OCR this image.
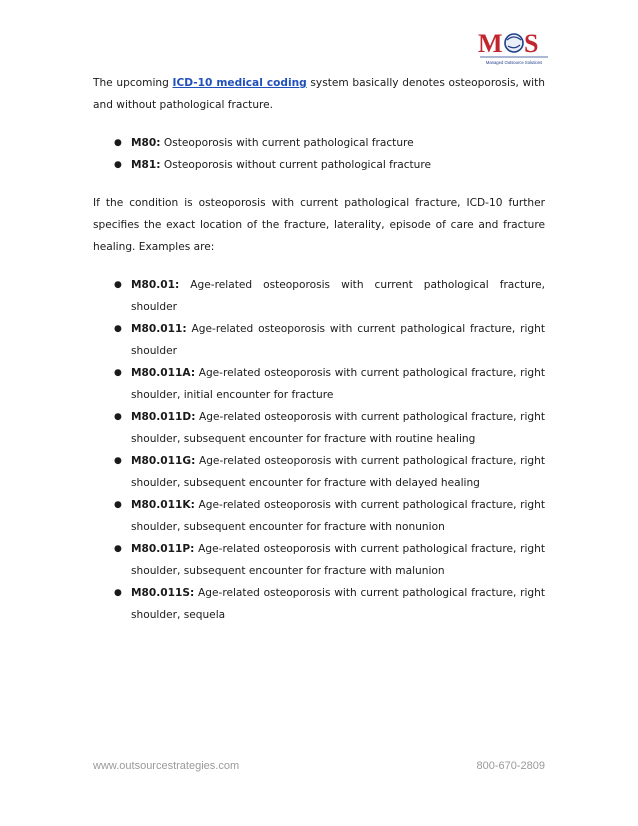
M S
Managed Outsource Solutions

The upcoming ICD-10 medical coding system basically denotes osteoporosis, with and without pathological fracture.

● M80: Osteoporosis with current pathological fracture
● M81: Osteoporosis without current pathological fracture

If the condition is osteoporosis with current pathological fracture, ICD-10 further specifies the exact location of the fracture, laterality, episode of care and fracture healing. Examples are:

● M80.01: Age-related osteoporosis with current pathological fracture, shoulder
● M80.011: Age-related osteoporosis with current pathological fracture, right shoulder
● M80.011A: Age-related osteoporosis with current pathological fracture, right shoulder, initial encounter for fracture
● M80.011D: Age-related osteoporosis with current pathological fracture, right shoulder, subsequent encounter for fracture with routine healing
● M80.011G: Age-related osteoporosis with current pathological fracture, right shoulder, subsequent encounter for fracture with delayed healing
● M80.011K: Age-related osteoporosis with current pathological fracture, right shoulder, subsequent encounter for fracture with nonunion
● M80.011P: Age-related osteoporosis with current pathological fracture, right shoulder, subsequent encounter for fracture with malunion
● M80.011S: Age-related osteoporosis with current pathological fracture, right shoulder, sequela
www.outsourcestrategies.com	800-670-2809
